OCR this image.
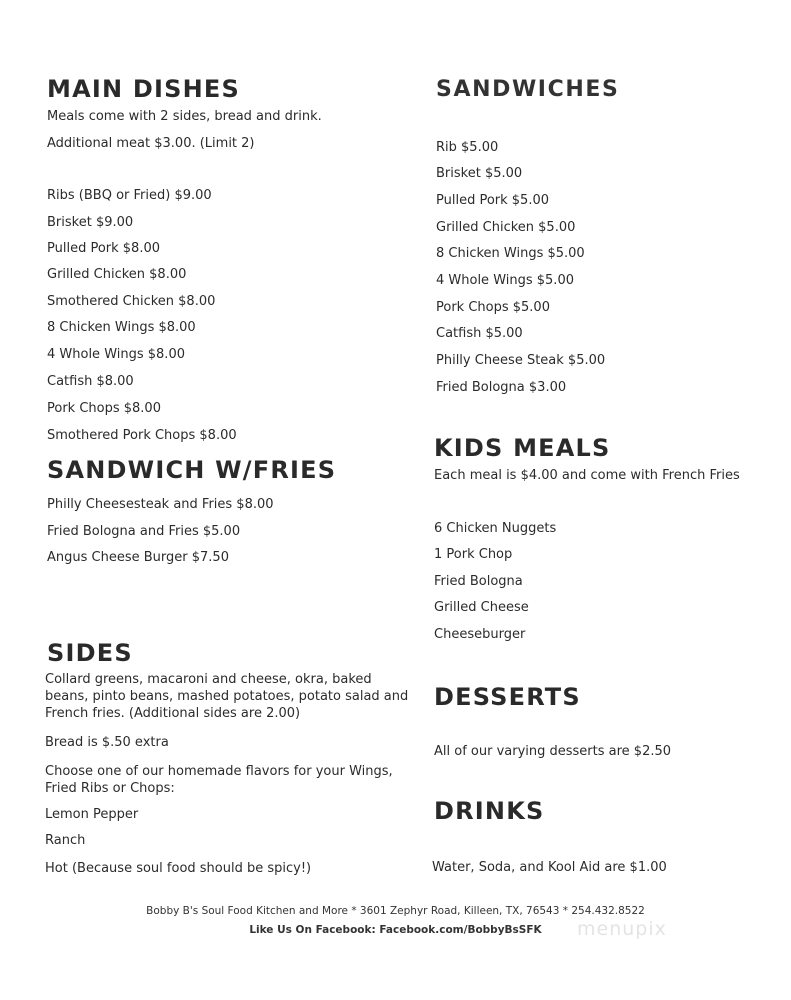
MAIN DISHES
Meals come with 2 sides, bread and drink.
Additional meat $3.00. (Limit 2)
Ribs (BBQ or Fried) $9.00
Brisket $9.00
Pulled Pork $8.00
Grilled Chicken $8.00
Smothered Chicken $8.00
8 Chicken Wings $8.00
4 Whole Wings $8.00
Catfish $8.00
Pork Chops $8.00
Smothered Pork Chops $8.00
SANDWICH W/FRIES
Philly Cheesesteak and Fries $8.00
Fried Bologna and Fries $5.00
Angus Cheese Burger $7.50
SIDES
Collard greens, macaroni and cheese, okra, baked beans, pinto beans, mashed potatoes, potato salad and French fries. (Additional sides are 2.00)
Bread is $.50 extra
Choose one of our homemade flavors for your Wings, Fried Ribs or Chops:
Lemon Pepper
Ranch
Hot (Because soul food should be spicy!)
SANDWICHES
Rib $5.00
Brisket $5.00
Pulled Pork $5.00
Grilled Chicken $5.00
8 Chicken Wings $5.00
4 Whole Wings $5.00
Pork Chops $5.00
Catfish $5.00
Philly Cheese Steak $5.00
Fried Bologna $3.00
KIDS MEALS
Each meal is $4.00 and come with French Fries
6 Chicken Nuggets
1 Pork Chop
Fried Bologna
Grilled Cheese
Cheeseburger
DESSERTS
All of our varying desserts are $2.50
DRINKS
Water, Soda, and Kool Aid are $1.00
Bobby B's Soul Food Kitchen and More * 3601 Zephyr Road, Killeen, TX, 76543 * 254.432.8522
Like Us On Facebook: Facebook.com/BobbyBsSFK	menupix
